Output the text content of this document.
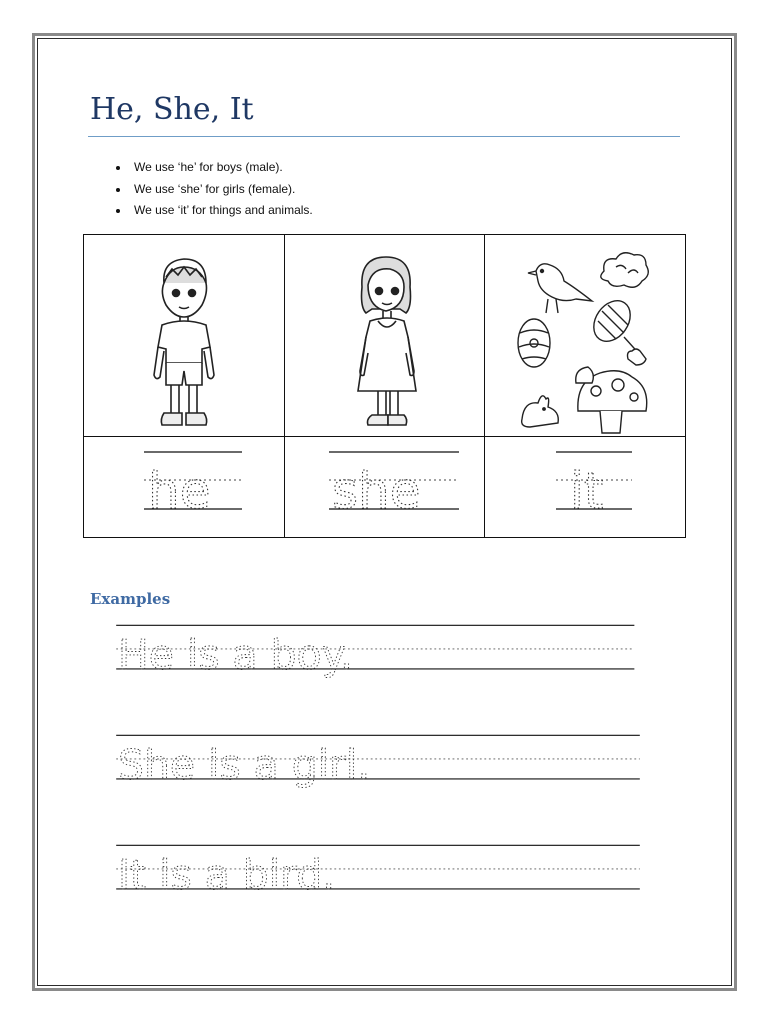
He, She, It
• We use ‘he’ for boys (male).
• We use ‘she’ for girls (female).
• We use ‘it’ for things and animals.
he she	it
Examples
He is a boy.
She is a girl.
It is a bird.
